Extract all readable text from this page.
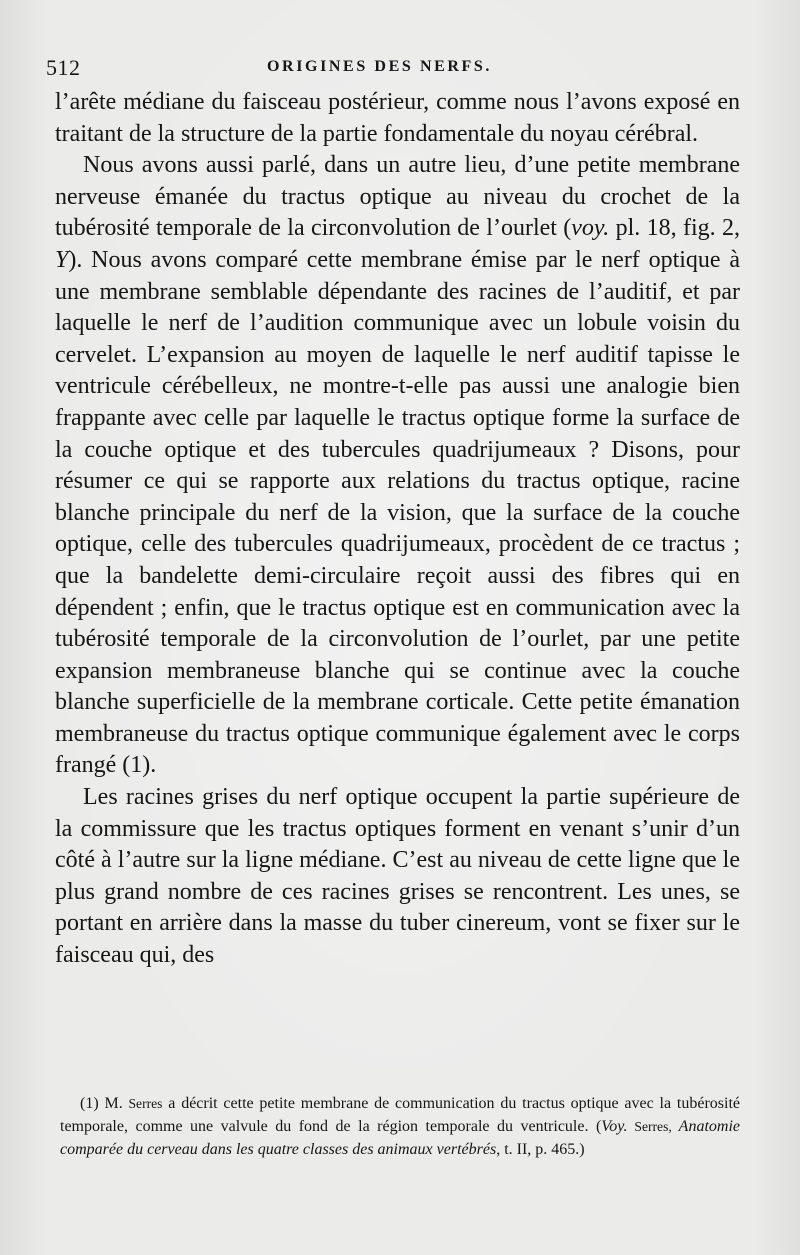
512	ORIGINES DES NERFS.

l’arête médiane du faisceau postérieur, comme nous l’avons exposé en traitant de la structure de la partie fondamentale du noyau cérébral.

Nous avons aussi parlé, dans un autre lieu, d’une petite membrane nerveuse émanée du tractus optique au niveau du crochet de la tubérosité temporale de la circonvolution de l’ourlet (voy. pl. 18, fig. 2, Y). Nous avons comparé cette membrane émise par le nerf optique à une membrane semblable dépendante des racines de l’auditif, et par laquelle le nerf de l’audition communique avec un lobule voisin du cervelet. L’expansion au moyen de laquelle le nerf auditif tapisse le ventricule cérébelleux, ne montre-t-elle pas aussi une analogie bien frappante avec celle par laquelle le tractus optique forme la surface de la couche optique et des tubercules quadrijumeaux ? Disons, pour résumer ce qui se rapporte aux relations du tractus optique, racine blanche principale du nerf de la vision, que la surface de la couche optique, celle des tubercules quadrijumeaux, procèdent de ce tractus ; que la bandelette demi-circulaire reçoit aussi des fibres qui en dépendent ; enfin, que le tractus optique est en communication avec la tubérosité temporale de la circonvolution de l’ourlet, par une petite expansion membraneuse blanche qui se continue avec la couche blanche superficielle de la membrane corticale. Cette petite émanation membraneuse du tractus optique communique également avec le corps frangé (1).

Les racines grises du nerf optique occupent la partie supérieure de la commissure que les tractus optiques forment en venant s’unir d’un côté à l’autre sur la ligne médiane. C’est au niveau de cette ligne que le plus grand nombre de ces racines grises se rencontrent. Les unes, se portant en arrière dans la masse du tuber cinereum, vont se fixer sur le faisceau qui, des

(1) M. Serres a décrit cette petite membrane de communication du tractus optique avec la tubérosité temporale, comme une valvule du fond de la région temporale du ventricule. (Voy. Serres, Anatomie comparée du cerveau dans les quatre classes des animaux vertébrés, t. II, p. 465.)
